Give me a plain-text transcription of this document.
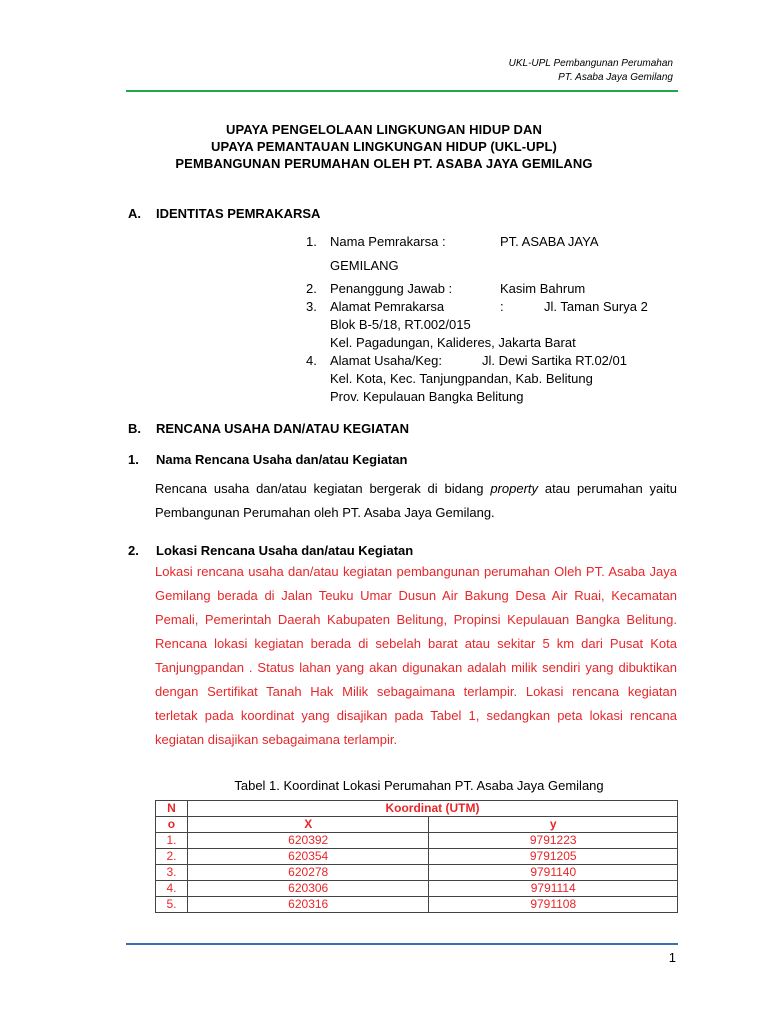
UKL-UPL Pembangunan Perumahan
PT. Asaba Jaya Gemilang
UPAYA PENGELOLAAN LINGKUNGAN HIDUP DAN
UPAYA PEMANTAUAN LINGKUNGAN HIDUP (UKL-UPL)
PEMBANGUNAN PERUMAHAN OLEH PT. ASABA JAYA GEMILANG
A. IDENTITAS PEMRAKARSA
1. Nama Pemrakarsa :	PT. ASABA JAYA
GEMILANG
2. Penanggung Jawab :	Kasim Bahrum
3. Alamat Pemrakarsa	:	Jl. Taman Surya 2
Blok B-5/18, RT.002/015
Kel. Pagadungan, Kalideres, Jakarta Barat
4. Alamat Usaha/Keg:	Jl. Dewi Sartika RT.02/01
Kel. Kota, Kec. Tanjungpandan, Kab. Belitung
Prov. Kepulauan Bangka Belitung
B. RENCANA USAHA DAN/ATAU KEGIATAN
1. Nama Rencana Usaha dan/atau Kegiatan
Rencana usaha dan/atau kegiatan bergerak di bidang property atau perumahan yaitu Pembangunan Perumahan oleh PT. Asaba Jaya Gemilang.
2. Lokasi Rencana Usaha dan/atau Kegiatan
Lokasi rencana usaha dan/atau kegiatan pembangunan perumahan Oleh PT. Asaba Jaya Gemilang berada di Jalan Teuku Umar Dusun Air Bakung Desa Air Ruai, Kecamatan Pemali, Pemerintah Daerah Kabupaten Belitung, Propinsi Kepulauan Bangka Belitung. Rencana lokasi kegiatan berada di sebelah barat atau sekitar 5 km dari Pusat Kota Tanjungpandan . Status lahan yang akan digunakan adalah milik sendiri yang dibuktikan dengan Sertifikat Tanah Hak Milik sebagaimana terlampir. Lokasi rencana kegiatan terletak pada koordinat yang disajikan pada Tabel 1, sedangkan peta lokasi rencana kegiatan disajikan sebagaimana terlampir.
Tabel 1. Koordinat Lokasi Perumahan PT. Asaba Jaya Gemilang
N	Koordinat (UTM)	
o	X	y
1.	620392	9791223
2.	620354	9791205
3.	620278	9791140
4.	620306	9791114
5.	620316	9791108
1
